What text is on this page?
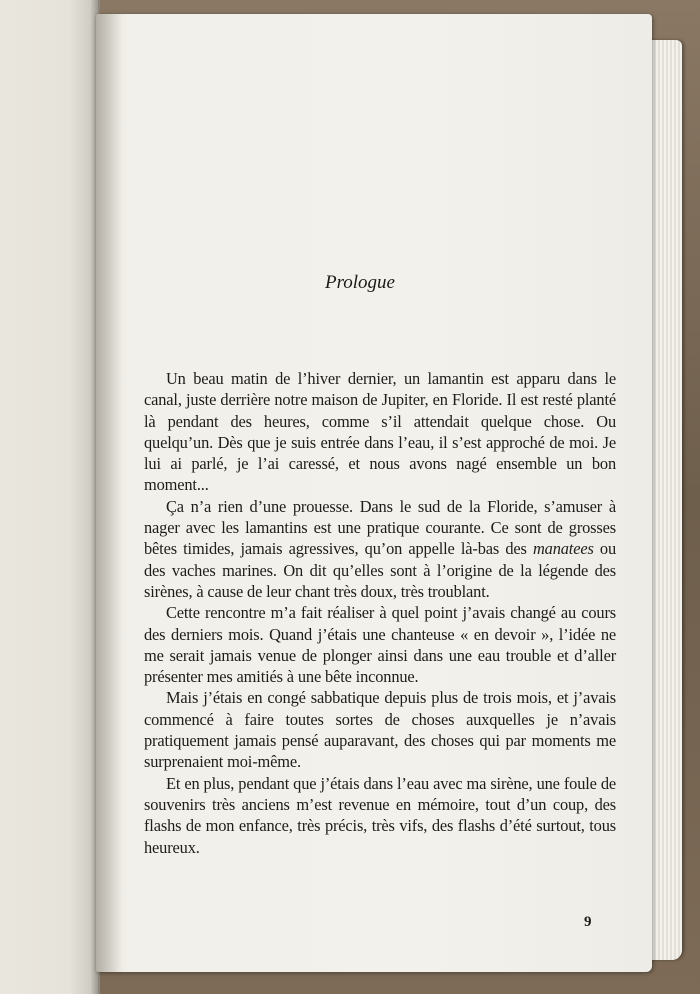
Prologue

Un beau matin de l’hiver dernier, un lamantin est apparu dans le canal, juste derrière notre maison de Jupiter, en Floride. Il est resté planté là pendant des heures, comme s’il attendait quelque chose. Ou quelqu’un. Dès que je suis entrée dans l’eau, il s’est approché de moi. Je lui ai parlé, je l’ai caressé, et nous avons nagé ensemble un bon moment...

Ça n’a rien d’une prouesse. Dans le sud de la Floride, s’amuser à nager avec les lamantins est une pratique courante. Ce sont de grosses bêtes timides, jamais agressives, qu’on appelle là-bas des manatees ou des vaches marines. On dit qu’elles sont à l’origine de la légende des sirènes, à cause de leur chant très doux, très troublant.

Cette rencontre m’a fait réaliser à quel point j’avais changé au cours des derniers mois. Quand j’étais une chanteuse « en devoir », l’idée ne me serait jamais venue de plonger ainsi dans une eau trouble et d’aller présenter mes amitiés à une bête inconnue.

Mais j’étais en congé sabbatique depuis plus de trois mois, et j’avais commencé à faire toutes sortes de choses auxquelles je n’avais pratiquement jamais pensé auparavant, des choses qui par moments me surprenaient moi-même.

Et en plus, pendant que j’étais dans l’eau avec ma sirène, une foule de souvenirs très anciens m’est revenue en mémoire, tout d’un coup, des flashs de mon enfance, très précis, très vifs, des flashs d’été surtout, tous heureux.

9
